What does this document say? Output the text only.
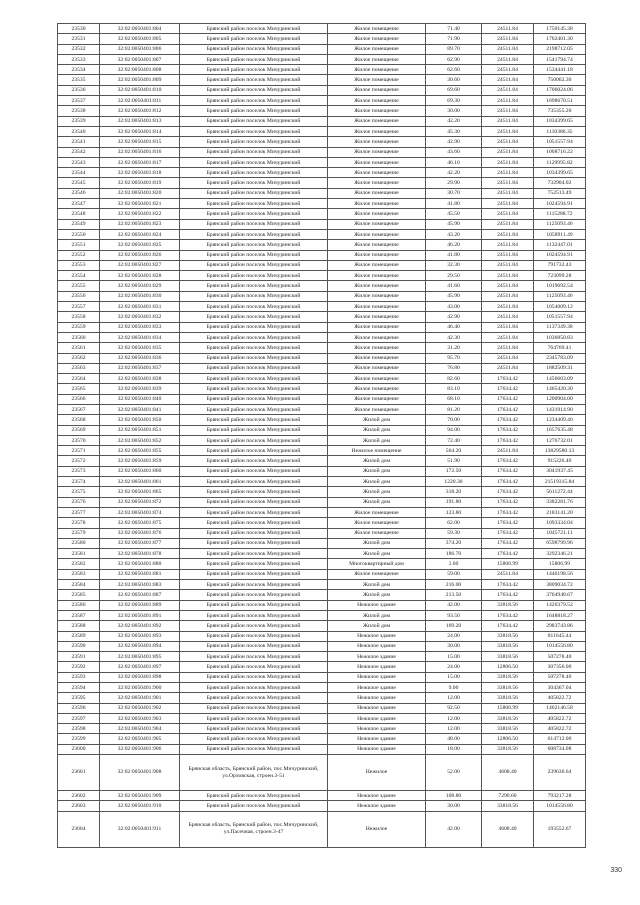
23530	32:02:0050401:804	Брянский район поселок Мичуринский	Жилое помещение	71.40	24511.84	1750145.38
23531	32:02:0050401:805	Брянский район поселок Мичуринский	Жилое помещение	71.90	24511.84	1762401.30
23532	32:02:0050401:806	Брянский район поселок Мичуринский	Жилое помещение	89.70	24511.84	2198712.05
23533	32:02:0050401:807	Брянский район поселок Мичуринский	Жилое помещение	62.90	24511.84	1541794.74
23534	32:02:0050401:808	Брянский район поселок Мичуринский	Жилое помещение	62.60	24511.84	1534441.18
23535	32:02:0050401:809	Брянский район поселок Мичуринский	Жилое помещение	30.60	24511.84	750062.30
23536	32:02:0050401:810	Брянский район поселок Мичуринский	Жилое помещение	69.60	24511.84	1706024.06
23537	32:02:0050401:811	Брянский район поселок Мичуринский	Жилое помещение	69.30	24511.84	1698670.51
23538	32:02:0050401:812	Брянский район поселок Мичуринский	Жилое помещение	30.00	24511.84	735355.20
23539	32:02:0050401:813	Брянский район поселок Мичуринский	Жилое помещение	42.20	24511.84	1034399.65
23540	32:02:0050401:814	Брянский район поселок Мичуринский	Жилое помещение	45.30	24511.84	1110386.35
23541	32:02:0050401:815	Брянский район поселок Мичуринский	Жилое помещение	42.90	24511.84	1051557.94
23542	32:02:0050401:816	Брянский район поселок Мичуринский	Жилое помещение	43.60	24511.84	1068716.22
23543	32:02:0050401:817	Брянский район поселок Мичуринский	Жилое помещение	46.10	24511.84	1129995.82
23544	32:02:0050401:818	Брянский район поселок Мичуринский	Жилое помещение	42.20	24511.84	1034399.65
23545	32:02:0050401:819	Брянский район поселок Мичуринский	Жилое помещение	29.90	24511.84	732904.02
23546	32:02:0050401:820	Брянский район поселок Мичуринский	Жилое помещение	30.70	24511.84	752513.49
23547	32:02:0050401:821	Брянский район поселок Мичуринский	Жилое помещение	41.80	24511.84	1024594.91
23548	32:02:0050401:822	Брянский район поселок Мичуринский	Жилое помещение	45.50	24511.84	1115288.72
23549	32:02:0050401:823	Брянский район поселок Мичуринский	Жилое помещение	45.90	24511.84	1125093.46
23550	32:02:0050401:824	Брянский район поселок Мичуринский	Жилое помещение	43.20	24511.84	1058911.49
23551	32:02:0050401:825	Брянский район поселок Мичуринский	Жилое помещение	46.20	24511.84	1132447.01
23552	32:02:0050401:826	Брянский район поселок Мичуринский	Жилое помещение	41.80	24511.84	1024594.91
23553	32:02:0050401:827	Брянский район поселок Мичуринский	Жилое помещение	32.30	24511.84	791732.43
23554	32:02:0050401:828	Брянский район поселок Мичуринский	Жилое помещение	29.50	24511.84	723099.28
23555	32:02:0050401:829	Брянский район поселок Мичуринский	Жилое помещение	41.60	24511.84	1019692.54
23556	32:02:0050401:830	Брянский район поселок Мичуринский	Жилое помещение	45.90	24511.84	1125093.46
23557	32:02:0050401:831	Брянский район поселок Мичуринский	Жилое помещение	43.00	24511.84	1054009.12
23558	32:02:0050401:832	Брянский район поселок Мичуринский	Жилое помещение	42.90	24511.84	1051557.94
23559	32:02:0050401:833	Брянский район поселок Мичуринский	Жилое помещение	46.40	24511.84	1137349.38
23560	32:02:0050401:834	Брянский район поселок Мичуринский	Жилое помещение	42.30	24511.84	1036850.83
23561	32:02:0050401:835	Брянский район поселок Мичуринский	Жилое помещение	31.20	24511.84	764769.41
23562	32:02:0050401:836	Брянский район поселок Мичуринский	Жилое помещение	95.70	24511.84	2345783.09
23563	32:02:0050401:837	Брянский район поселок Мичуринский	Жилое помещение	76.80	24511.84	1882509.31
23564	32:02:0050401:838	Брянский район поселок Мичуринский	Жилое помещение	82.60	17634.42	1456603.09
23565	32:02:0050401:839	Брянский район поселок Мичуринский	Жилое помещение	83.10	17634.42	1465420.30
23566	32:02:0050401:840	Брянский район поселок Мичуринский	Жилое помещение	68.10	17634.42	1200904.00
23567	32:02:0050401:841	Брянский район поселок Мичуринский	Жилое помещение	81.20	17634.42	1431914.90
23568	32:02:0050401:850	Брянский район поселок Мичуринский	Жилой дом	70.00	17634.42	1234409.40
23569	32:02:0050401:851	Брянский район поселок Мичуринский	Жилой дом	94.00	17634.42	1657635.48
23570	32:02:0050401:852	Брянский район поселок Мичуринский	Жилой дом	72.40	17634.42	1276732.01
23571	32:02:0050401:855	Брянский район поселок Мичуринский	Нежилое помещение	564.20	24511.84	13829580.13
23572	32:02:0050401:859	Брянский район поселок Мичуринский	Жилой дом	51.90	17634.42	915226.40
23573	32:02:0050401:860	Брянский район поселок Мичуринский	Жилой дом	172.50	17634.42	3041937.45
23574	32:02:0050401:861	Брянский район поселок Мичуринский	Жилой дом	1220.30	17634.42	21519315.84
23575	32:02:0050401:865	Брянский район поселок Мичуринский	Жилой дом	318.20	17634.42	5611272.44
23576	32:02:0050401:872	Брянский район поселок Мичуринский	Жилой дом	191.80	17634.42	3382281.76
23577	32:02:0050401:874	Брянский район поселок Мичуринский	Жилое помещение	123.80	17634.42	2183141.20
23578	32:02:0050401:875	Брянский район поселок Мичуринский	Жилое помещение	62.00	17634.42	1093334.04
23579	32:02:0050401:876	Брянский район поселок Мичуринский	Жилое помещение	59.30	17634.42	1045721.11
23580	32:02:0050401:877	Брянский район поселок Мичуринский	Жилой дом	374.20	17634.42	6598799.96
23581	32:02:0050401:878	Брянский район поселок Мичуринский	Жилой дом	186.70	17634.42	3292346.21
23582	32:02:0050401:880	Брянский район поселок Мичуринский	Многоквартирный дом	1.00	15806.99	15806.99
23583	32:02:0050401:881	Брянский район поселок Мичуринский	Жилое помещение	59.00	24511.84	1446198.56
23584	32:02:0050401:883	Брянский район поселок Мичуринский	Жилой дом	216.00	17634.42	3809034.72
23585	32:02:0050401:887	Брянский район поселок Мичуринский	Жилой дом	213.50	17634.42	3764948.67
23586	32:02:0050401:889	Брянский район поселок Мичуринский	Нежилое здание	42.00	33818.56	1420379.52
23587	32:02:0050401:891	Брянский район поселок Мичуринский	Жилой дом	93.50	17634.42	1648818.27
23588	32:02:0050401:892	Брянский район поселок Мичуринский	Жилой дом	169.20	17634.42	2983743.86
23589	32:02:0050401:893	Брянский район поселок Мичуринский	Нежилое здание	24.00	33818.56	811645.44
23590	32:02:0050401:894	Брянский район поселок Мичуринский	Нежилое здание	30.00	33818.56	1014556.80
23591	32:02:0050401:895	Брянский район поселок Мичуринский	Нежилое здание	15.00	33818.56	507278.40
23592	32:02:0050401:897	Брянский район поселок Мичуринский	Нежилое здание	24.00	12806.50	307356.00
23593	32:02:0050401:898	Брянский район поселок Мичуринский	Нежилое здание	15.00	33818.56	507278.40
23594	32:02:0050401:900	Брянский район поселок Мичуринский	Нежилое здание	9.00	33818.56	304367.04
23595	32:02:0050401:901	Брянский район поселок Мичуринский	Нежилое здание	12.00	33818.56	405822.72
23596	32:02:0050401:902	Брянский район поселок Мичуринский	Нежилое здание	92.50	15806.99	1462146.58
23597	32:02:0050401:903	Брянский район поселок Мичуринский	Нежилое здание	12.00	33818.56	405822.72
23598	32:02:0050401:904	Брянский район поселок Мичуринский	Нежилое здание	12.00	33818.56	405822.72
23599	32:02:0050401:905	Брянский район поселок Мичуринский	Нежилое здание	48.00	12806.50	614712.00
23600	32:02:0050401:906	Брянский район поселок Мичуринский	Нежилое здание	18.00	33818.56	608734.08
23601	32:02:0050401:908	Брянская область, Брянский район, пос.Мичуринский, ул.Орловская, строен.3-51	Нежилое	52.00	4608.40	239636.64
23602	32:02:0050401:909	Брянский район поселок Мичуринский	Нежилое здание	108.80	7290.60	793217.28
23603	32:02:0050401:910	Брянский район поселок Мичуринский	Нежилое здание	30.00	33818.56	1014556.80
23604	32:02:0050401:911	Брянская область, Брянский район, пос.Мичуринский, ул.Пасечная, строен.3-47	Нежилое	42.00	4608.40	193552.67
330
